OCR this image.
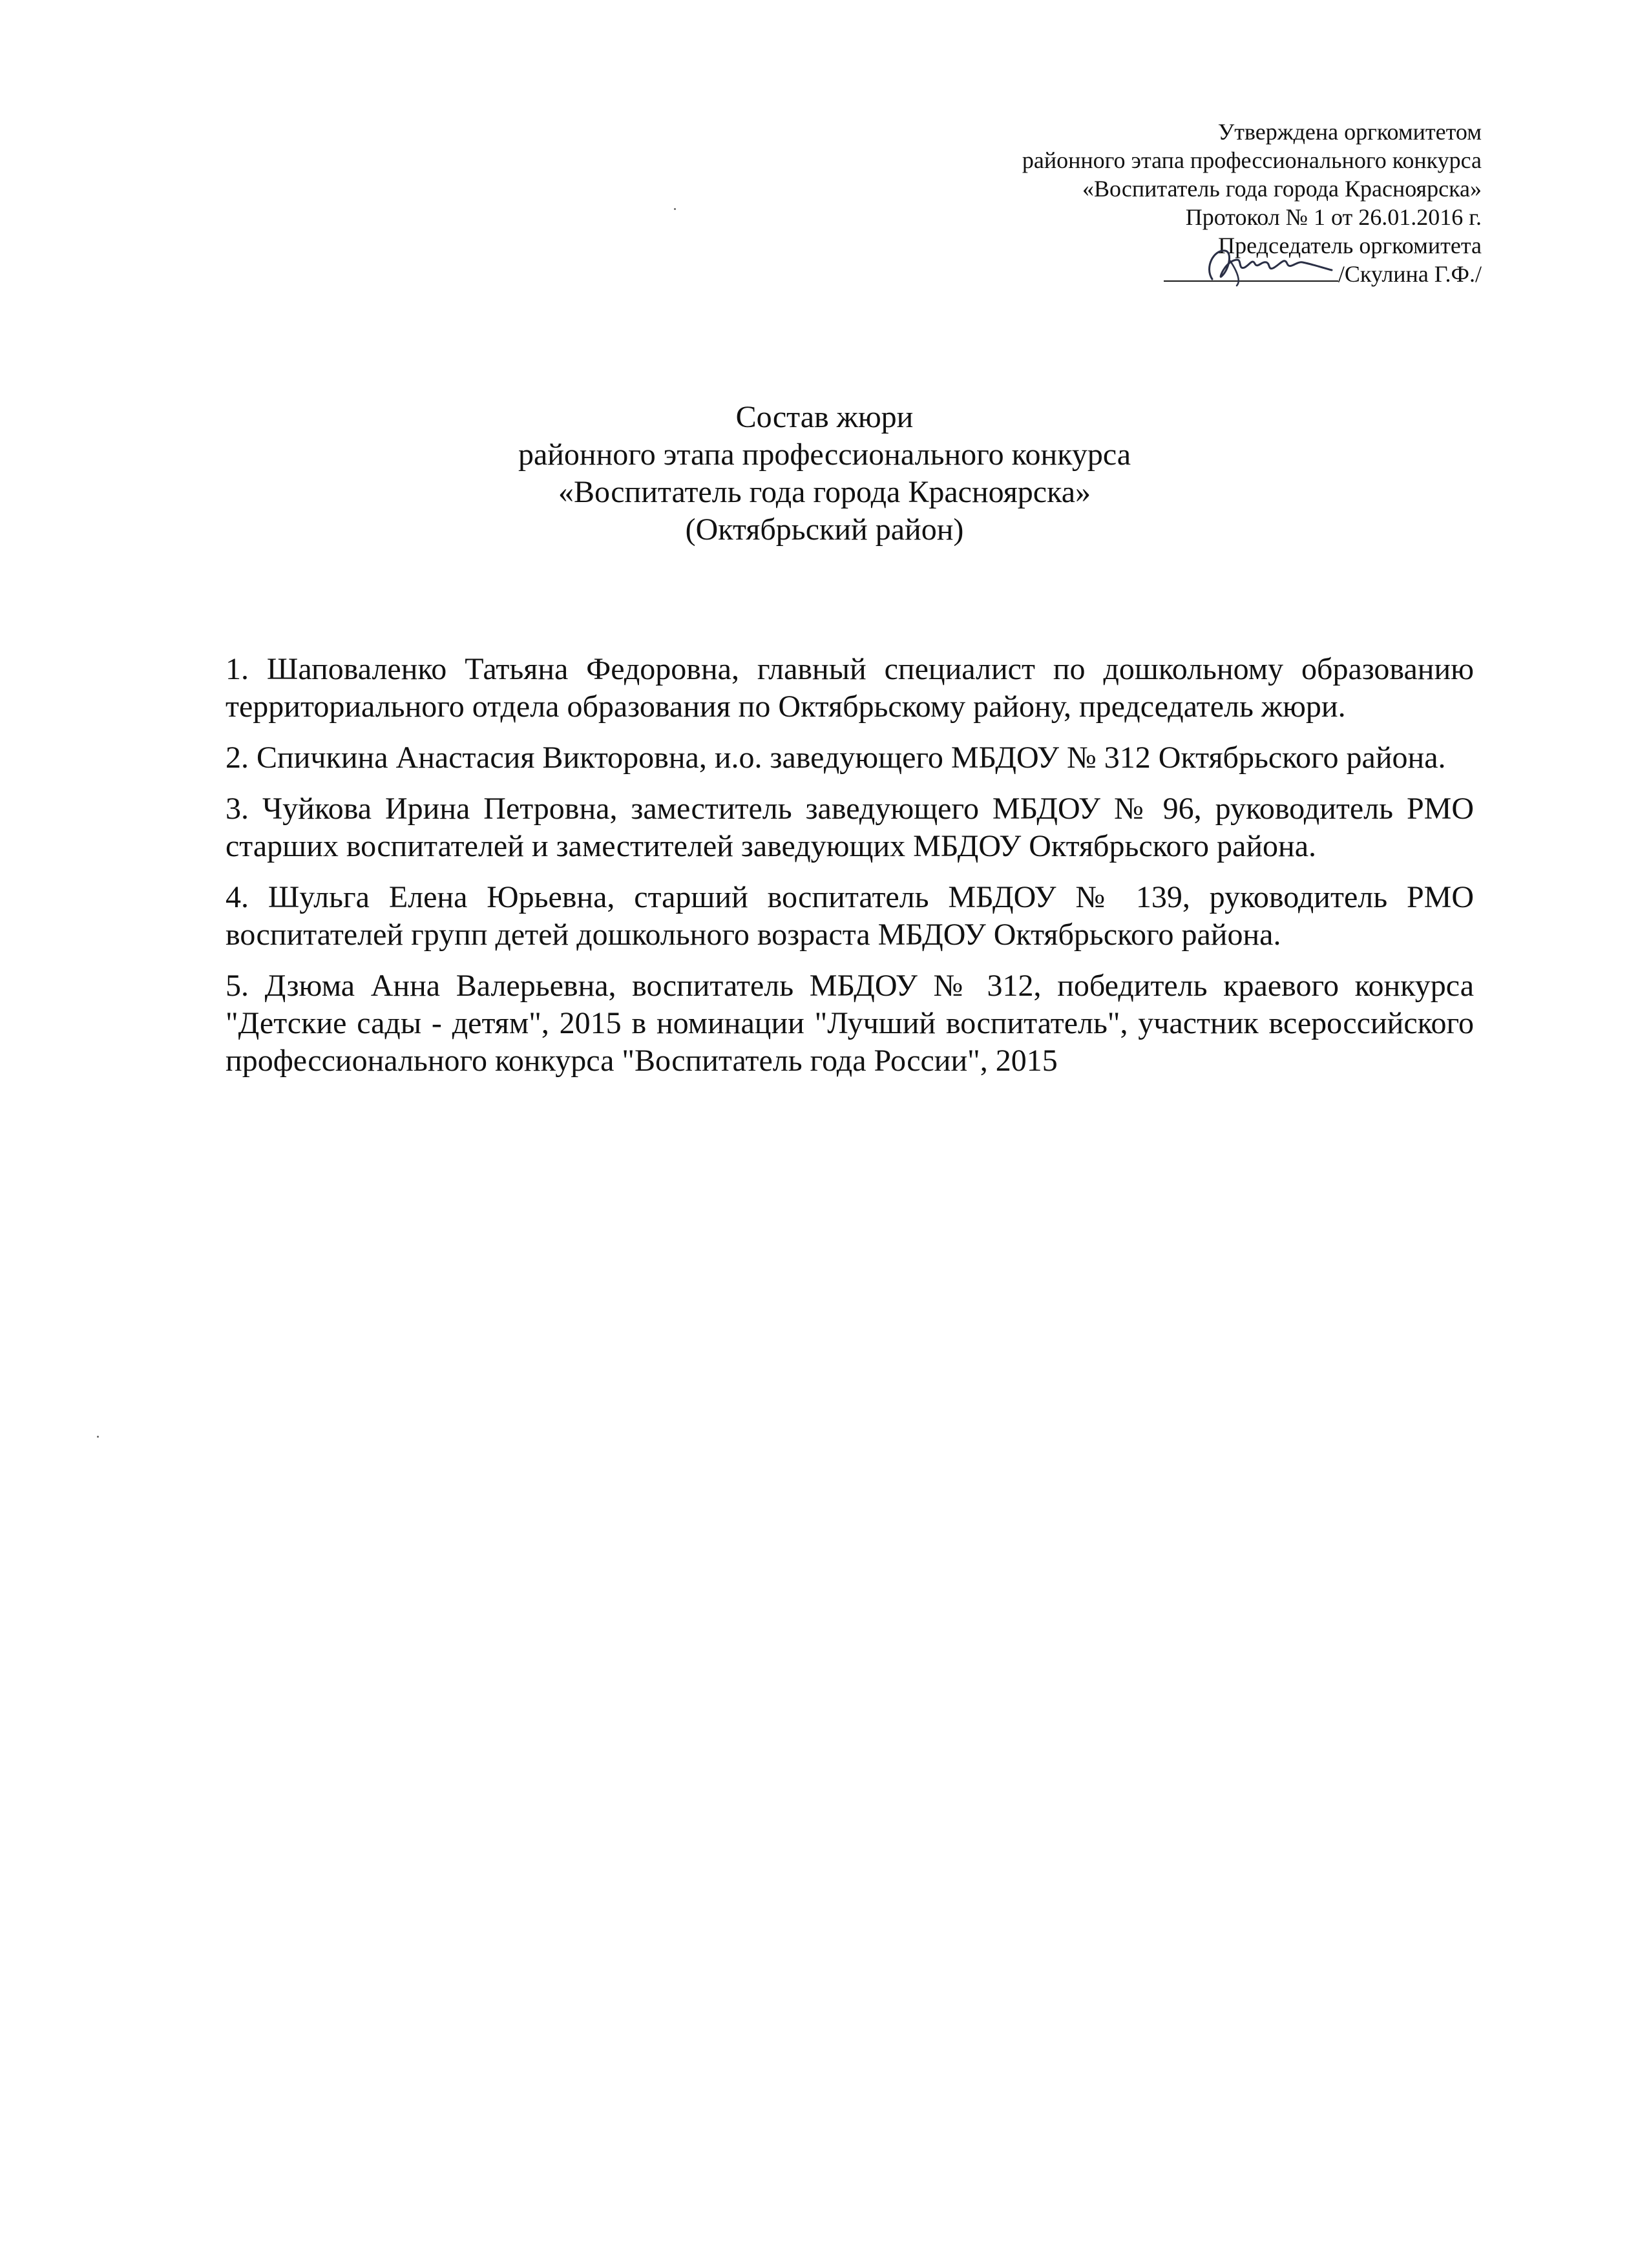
Утверждена оргкомитетом
районного этапа профессионального конкурса
«Воспитатель года города Красноярска»
Протокол № 1 от 26.01.2016 г.
Председатель оргкомитета
/Скулина Г.Ф./
Состав жюри
районного этапа профессионального конкурса
«Воспитатель года города Красноярска»
(Октябрьский район)

1. Шаповаленко Татьяна Федоровна, главный специалист по дошкольному образованию территориального отдела образования по Октябрьскому району, председатель жюри.

2. Спичкина Анастасия Викторовна, и.о. заведующего МБДОУ № 312 Октябрьского района.

3. Чуйкова Ирина Петровна, заместитель заведующего МБДОУ № 96, руководитель РМО старших воспитателей и заместителей заведующих МБДОУ Октябрьского района.

4. Шульга Елена Юрьевна, старший воспитатель МБДОУ № 139, руководитель РМО воспитателей групп детей дошкольного возраста МБДОУ Октябрьского района.

5. Дзюма Анна Валерьевна, воспитатель МБДОУ № 312, победитель краевого конкурса "Детские сады - детям", 2015 в номинации "Лучший воспитатель", участник всероссийского профессионального конкурса "Воспитатель года России", 2015
